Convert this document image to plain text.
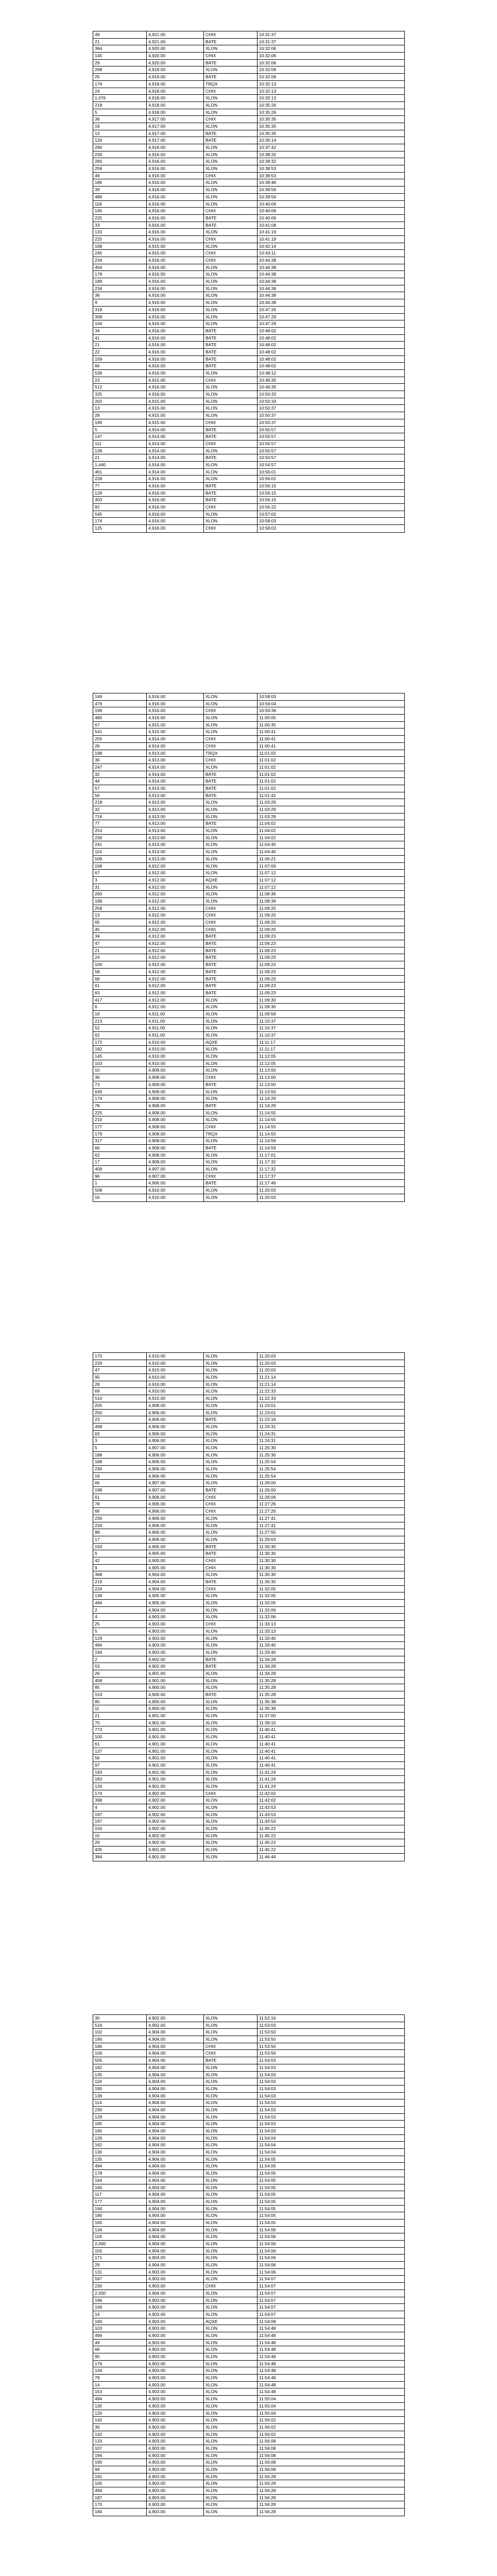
49	4,921.00	CHIX	10:31:37
21	4,921.00	BATE	10:31:37
364	4,920.00	XLON	10:32:06
145	4,920.00	CHIX	10:32:06
29	4,920.00	BATE	10:32:06
268	4,919.00	XLON	10:32:06
25	4,919.00	BATE	10:32:06
174	4,918.00	TRQX	10:32:13
24	4,918.00	CHIX	10:32:13
1,076	4,918.00	XLON	10:32:13
218	4,918.00	XLON	10:35:26
5	4,918.00	XLON	10:35:26
36	4,917.00	CHIX	10:35:35
19	4,917.00	XLON	10:35:35
13	4,917.00	BATE	10:35:35
126	4,917.00	BATE	10:36:14
290	4,916.00	XLON	10:37:42
230	4,916.00	XLON	10:38:32
260	4,916.00	XLON	10:38:32
258	4,916.00	XLON	10:38:53
49	4,916.00	CHIX	10:38:53
186	4,916.00	XLON	10:39:46
39	4,916.00	XLON	10:39:56
486	4,916.00	XLON	10:39:56
118	4,916.00	XLON	10:40:06
145	4,916.00	CHIX	10:40:06
225	4,916.00	BATE	10:40:06
33	4,916.00	BATE	10:41:08
133	4,916.00	XLON	10:41:19
225	4,916.00	CHIX	10:41:19
168	4,915.00	XLON	10:42:14
245	4,915.00	CHIX	10:43:11
234	4,916.00	CHIX	10:44:38
456	4,916.00	XLON	10:44:38
178	4,916.00	XLON	10:44:38
189	4,916.00	XLON	10:44:38
234	4,916.00	XLON	10:44:38
36	4,916.00	XLON	10:44:38
9	4,916.00	XLON	10:44:38
318	4,916.00	XLON	10:47:26
308	4,916.00	XLON	10:47:29
104	4,916.00	XLON	10:47:29
34	4,916.00	BATE	10:48:02
41	4,916.00	BATE	10:48:02
21	4,916.00	BATE	10:48:02
22	4,916.00	BATE	10:48:02
159	4,916.00	BATE	10:48:02
66	4,916.00	BATE	10:48:02
536	4,916.00	XLON	10:48:12
23	4,915.00	CHIX	10:49:35
512	4,916.00	XLON	10:49:35
325	4,916.00	XLON	10:50:33
202	4,915.00	XLON	10:50:33
13	4,915.00	XLON	10:50:37
28	4,915.00	XLON	10:50:37
196	4,915.00	CHIX	10:50:37
5	4,914.00	BATE	10:50:57
147	4,914.00	BATE	10:50:57
111	4,914.00	CHIX	10:50:57
136	4,914.00	XLON	10:50:57
21	4,914.00	BATE	10:50:57
1,440	4,914.00	XLON	10:54:57
461	4,914.00	XLON	10:56:01
228	4,916.00	XLON	10:56:01
77	4,916.00	BATE	10:56:15
129	4,916.00	BATE	10:56:15
303	4,916.00	BATE	10:56:15
92	4,916.00	CHIX	10:56:22
545	4,916.00	XLON	10:57:02
174	4,916.00	XLON	10:58:03
125	4,916.00	CHIX	10:58:03
169	4,916.00	XLON	10:58:03
479	4,916.00	XLON	10:59:04
199	4,916.00	CHIX	10:59:36
480	4,916.00	XLON	11:00:05
67	4,915.00	XLON	11:00:35
541	4,915.00	XLON	11:00:41
255	4,914.00	CHIX	11:00:41
26	4,914.00	CHIX	11:00:41
198	4,913.00	TRQX	11:01:02
36	4,913.00	CHIX	11:01:02
247	4,914.00	XLON	11:01:02
32	4,914.00	BATE	11:01:02
44	4,914.00	BATE	11:01:02
57	4,913.00	BATE	11:01:02
56	4,913.00	BATE	11:01:42
218	4,913.00	XLON	11:03:29
32	4,913.00	XLON	11:03:29
716	4,913.00	XLON	11:03:29
77	4,913.00	BATE	11:04:02
253	4,913.00	XLON	11:04:02
230	4,913.00	XLON	11:04:02
241	4,913.00	XLON	11:04:40
114	4,913.00	XLON	11:04:40
509	4,913.00	XLON	11:06:21
168	4,912.00	XLON	11:07:09
67	4,912.00	XLON	11:07:12
3	4,912.00	AQXE	11:07:12
31	4,912.00	XLON	11:07:12
260	4,912.00	XLON	11:08:39
189	4,912.00	XLON	11:08:39
258	4,912.00	CHIX	11:09:20
13	4,912.00	CHIX	11:09:20
65	4,912.00	CHIX	11:09:20
45	4,912.00	CHIX	11:09:20
34	4,912.00	BATE	11:09:23
47	4,912.00	BATE	11:09:23
21	4,912.00	BATE	11:09:23
24	4,912.00	BATE	11:09:23
100	4,912.00	BATE	11:09:23
58	4,912.00	BATE	11:09:23
68	4,912.00	BATE	11:09:23
61	4,912.00	BATE	11:09:23
63	4,912.00	BATE	11:09:23
417	4,912.00	XLON	11:09:30
6	4,912.00	XLON	11:09:30
19	4,911.00	XLON	11:09:58
213	4,911.00	XLON	11:10:37
52	4,911.00	XLON	11:10:37
62	4,911.00	XLON	11:10:37
172	4,910.00	AQXE	11:11:17
182	4,910.00	XLON	11:11:17
145	4,910.00	XLON	11:12:05
103	4,910.00	XLON	11:12:05
10	4,909.00	XLON	11:13:00
36	4,909.00	CHIX	11:13:00
73	4,909.00	BATE	11:13:00
630	4,909.00	XLON	11:13:50
174	4,908.00	XLON	11:14:29
78	4,908.00	BATE	11:14:29
225	4,908.00	XLON	11:14:55
210	4,908.00	XLON	11:14:55
177	4,908.00	CHIX	11:14:55
179	4,908.00	TRQX	11:14:55
317	4,908.00	XLON	11:14:59
66	4,908.00	BATE	11:14:59
62	4,908.00	XLON	11:17:01
17	4,908.00	XLON	11:17:32
409	4,907.00	XLON	11:17:32
96	4,907.00	CHIX	11:17:37
1	4,906.00	BATE	11:17:49
508	4,910.00	XLON	11:20:03
16	4,910.00	XLON	11:20:03
170	4,910.00	XLON	11:20:03
229	4,910.00	XLON	11:20:03
47	4,910.00	XLON	11:20:03
95	4,910.00	XLON	11:21:14
28	4,910.00	XLON	11:21:14
69	4,910.00	XLON	11:22:33
510	4,910.00	XLON	11:22:33
205	4,909.00	XLON	11:23:01
250	4,906.00	XLON	11:23:01
23	4,906.00	BATE	11:23:16
498	4,906.00	XLON	11:24:31
63	4,906.00	XLON	11:24:31
3	4,906.00	XLON	11:24:31
5	4,907.00	XLON	11:25:30
188	4,906.00	XLON	11:25:30
188	4,906.00	XLON	11:25:54
230	4,906.00	XLON	11:25:54
19	4,906.00	XLON	11:25:54
66	4,907.00	XLON	11:26:00
198	4,907.00	BATE	11:26:00
61	4,906.00	CHIX	11:26:06
78	4,906.00	CHIX	11:27:26
66	4,906.00	CHIX	11:27:26
230	4,906.00	XLON	11:27:41
234	4,906.00	XLON	11:27:41
88	4,906.00	XLON	11:27:55
17	4,906.00	XLON	11:29:03
193	4,905.00	BATE	11:30:30
6	4,905.00	BATE	11:30:30
42	4,905.00	CHIX	11:30:30
9	4,905.00	CHIX	11:30:30
368	4,904.00	XLON	11:30:30
219	4,904.00	BATE	11:30:30
224	4,904.00	CHIX	11:32:05
136	4,905.00	XLON	11:32:05
494	4,905.00	XLON	11:32:05
2	4,904.00	XLON	11:32:06
4	4,903.00	XLON	11:32:06
25	4,903.00	CHIX	11:33:13
5	4,903.00	XLON	11:33:13
129	4,903.00	XLON	11:33:40
494	4,903.00	XLON	11:33:40
194	4,903.00	XLON	11:33:40
2	4,902.00	BATE	11:34:28
53	4,902.00	BATE	11:34:28
26	4,901.00	XLON	11:34:28
458	4,901.00	XLON	11:35:28
85	4,900.00	XLON	11:35:28
153	4,900.00	BATE	11:35:28
80	4,900.00	XLON	11:35:38
11	4,900.00	XLON	11:35:38
21	4,901.00	XLON	11:37:00
70	4,901.00	XLON	11:39:15
773	4,901.00	XLON	11:40:41
100	4,901.00	XLON	11:40:41
61	4,901.00	XLON	11:40:41
137	4,901.00	XLON	11:40:41
56	4,901.00	XLON	11:40:41
97	4,901.00	XLON	11:40:41
193	4,901.00	XLON	11:41:24
183	4,901.00	XLON	11:41:24
134	4,901.00	XLON	11:41:24
174	4,902.00	CHIX	11:42:02
398	4,902.00	XLON	11:42:02
4	4,902.00	XLON	11:43:53
197	4,902.00	XLON	11:43:53
197	4,902.00	XLON	11:43:53
150	4,902.00	XLON	11:45:22
15	4,902.00	XLON	11:45:22
29	4,902.00	XLON	11:45:22
435	4,901.00	XLON	11:45:22
384	4,901.00	XLON	11:46:44
30	4,902.00	XLON	11:52:16
516	4,902.00	XLON	11:53:03
102	4,904.00	XLON	11:53:50
190	4,904.00	XLON	11:53:50
186	4,904.00	CHIX	11:53:50
106	4,904.00	CHIX	11:53:50
505	4,904.00	BATE	11:54:03
182	4,904.00	XLON	11:54:03
135	4,904.00	XLON	11:54:03
118	4,904.00	XLON	11:54:03
190	4,904.00	XLON	11:54:03
136	4,904.00	XLON	11:54:03
114	4,904.00	XLON	11:54:03
230	4,904.00	XLON	11:54:03
129	4,904.00	XLON	11:54:03
185	4,904.00	XLON	11:54:03
165	4,904.00	XLON	11:54:03
126	4,904.00	XLON	11:54:04
162	4,904.00	XLON	11:54:04
130	4,904.00	XLON	11:54:04
135	4,904.00	XLON	11:54:05
494	4,904.00	XLON	11:54:05
178	4,904.00	XLON	11:54:05
164	4,904.00	XLON	11:54:05
160	4,904.00	XLON	11:54:05
117	4,904.00	XLON	11:54:05
177	4,904.00	XLON	11:54:05
194	4,904.00	XLON	11:54:05
180	4,904.00	XLON	11:54:05
165	4,904.00	XLON	11:54:05
134	4,904.00	XLON	11:54:06
118	4,904.00	XLON	11:54:06
2,000	4,904.00	XLON	11:54:06
155	4,904.00	XLON	11:54:06
171	4,904.00	XLON	11:54:06
29	4,904.00	XLON	11:54:06
131	4,903.00	XLON	11:54:06
597	4,903.00	XLON	11:54:07
230	4,903.00	CHIX	11:54:07
2,000	4,904.00	XLON	11:54:07
196	4,903.00	XLON	11:54:07
169	4,903.00	XLON	11:54:07
14	4,903.00	XLON	11:54:07
160	4,903.00	AQXE	11:54:08
103	4,903.00	XLON	11:54:48
494	4,903.00	XLON	11:54:48
49	4,903.00	XLON	11:54:48
66	4,903.00	XLON	11:54:48
95	4,903.00	XLON	11:54:48
176	4,903.00	XLON	11:54:48
144	4,903.00	XLON	11:54:48
79	4,903.00	XLON	11:54:48
14	4,903.00	XLON	11:54:48
153	4,903.00	XLON	11:54:48
494	4,903.00	XLON	11:55:04
135	4,903.00	XLON	11:55:04
125	4,903.00	XLON	11:55:04
142	4,903.00	XLON	11:56:02
36	4,903.00	XLON	11:56:02
142	4,903.00	XLON	11:56:02
133	4,903.00	XLON	11:56:08
107	4,903.00	XLON	11:56:08
194	4,903.00	XLON	11:56:08
190	4,903.00	XLON	11:56:08
94	4,903.00	XLON	11:56:08
181	4,903.00	XLON	11:56:28
105	4,903.00	XLON	11:56:28
494	4,903.00	XLON	11:56:28
187	4,903.00	XLON	11:56:28
170	4,903.00	XLON	11:56:28
184	4,903.00	XLON	11:56:28
